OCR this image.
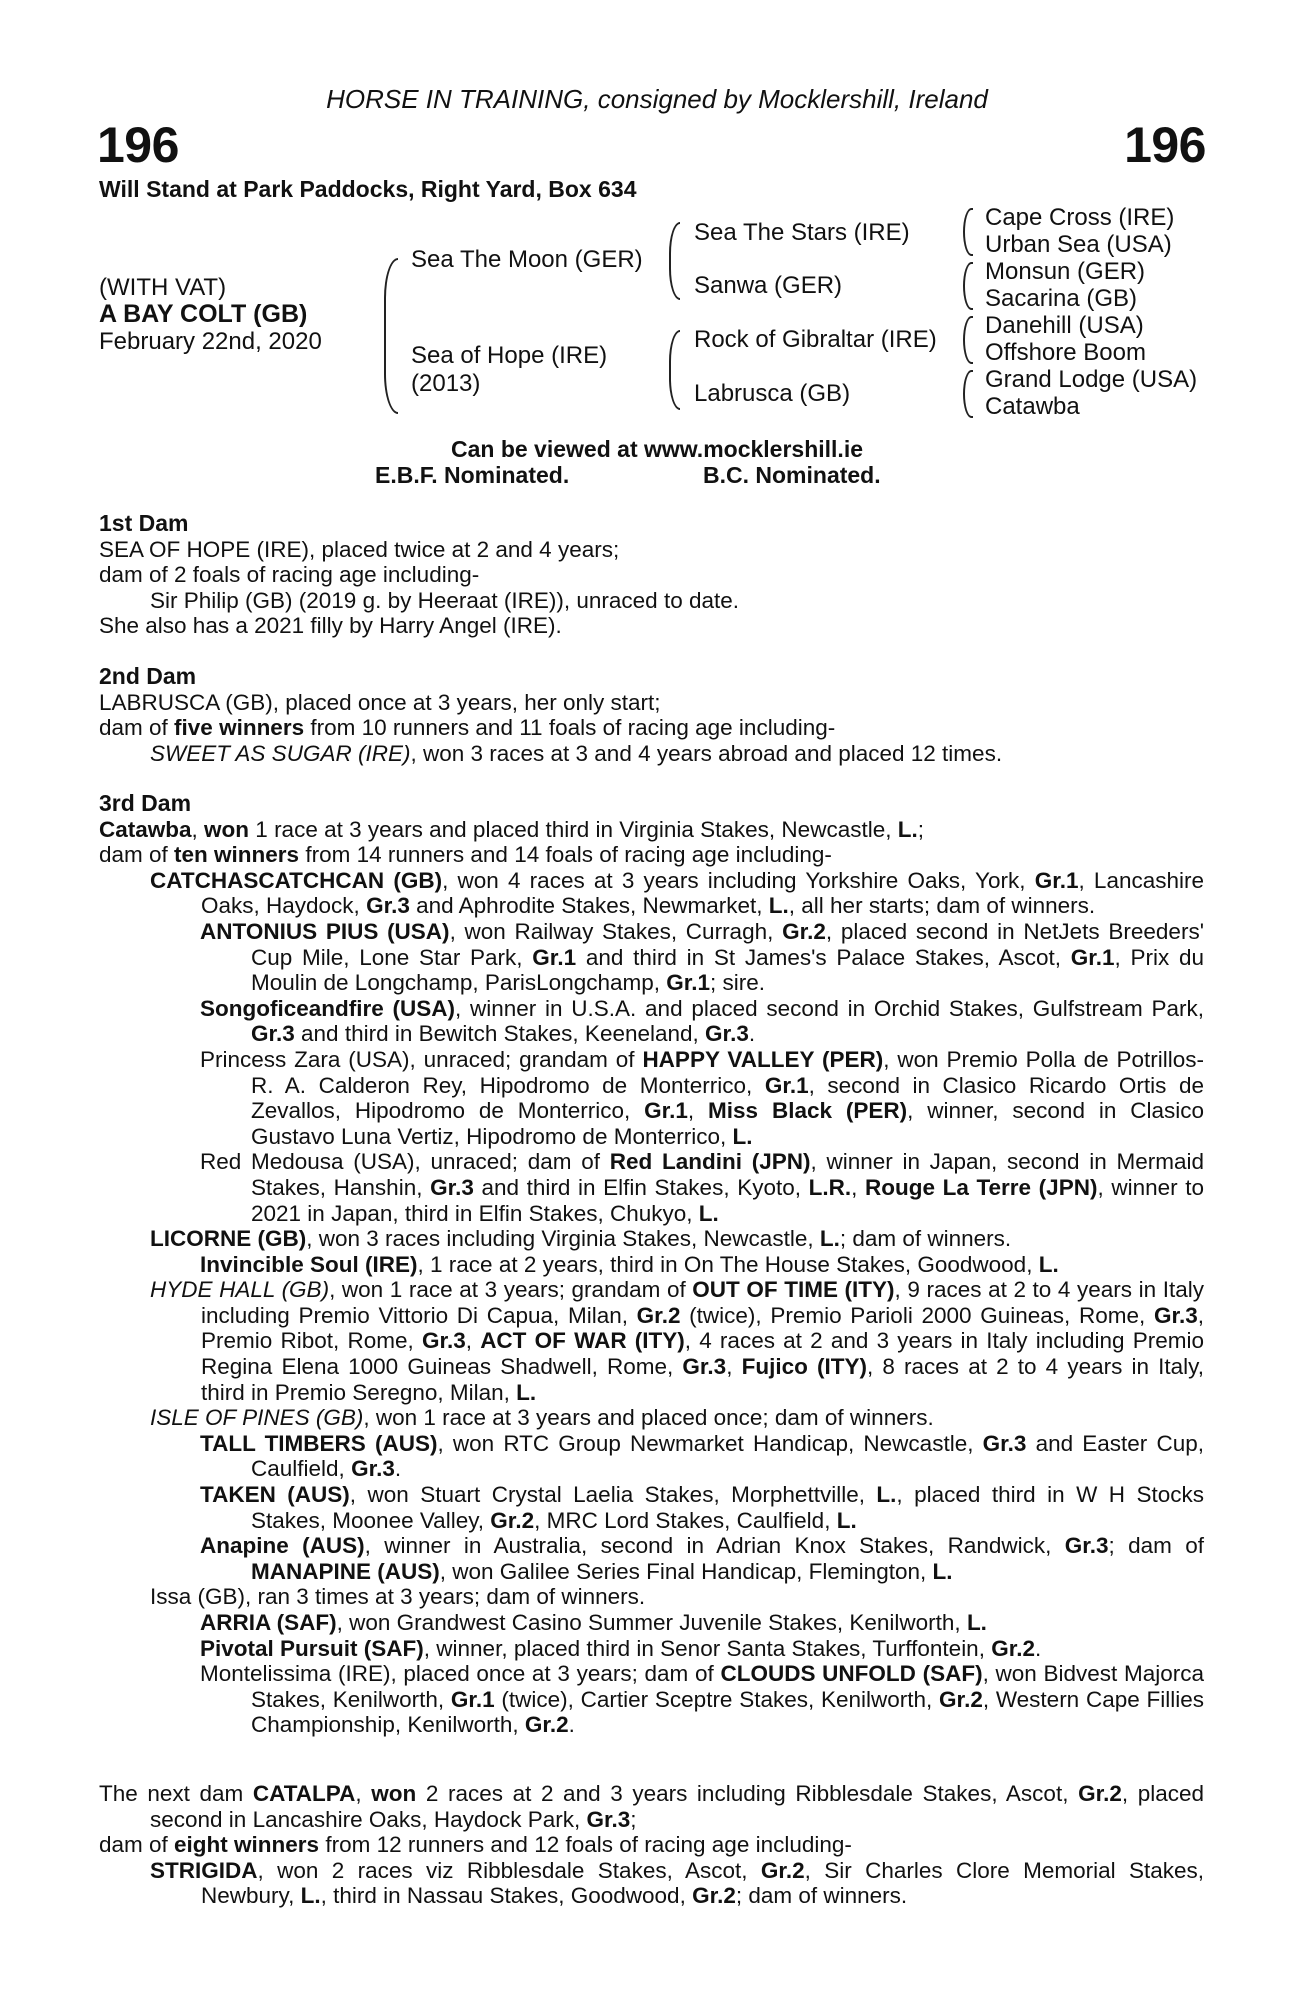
HORSE IN TRAINING, consigned by Mocklershill, Ireland
196	196
Will Stand at Park Paddocks, Right Yard, Box 634
(WITH VAT)
A BAY COLT (GB)
February 22nd, 2020
Sea The Moon (GER)
Sea of Hope (IRE)
(2013)
Sea The Stars (IRE)
Sanwa (GER)
Rock of Gibraltar (IRE)
Labrusca (GB)
Cape Cross (IRE)
Urban Sea (USA)
Monsun (GER)
Sacarina (GB)
Danehill (USA)
Offshore Boom
Grand Lodge (USA)
Catawba
Can be viewed at www.mocklershill.ie
E.B.F. Nominated.	B.C. Nominated.

1st Dam

SEA OF HOPE (IRE), placed twice at 2 and 4 years;

dam of 2 foals of racing age including-

Sir Philip (GB) (2019 g. by Heeraat (IRE)), unraced to date.

She also has a 2021 filly by Harry Angel (IRE).

2nd Dam

LABRUSCA (GB), placed once at 3 years, her only start;

dam of five winners from 10 runners and 11 foals of racing age including-

SWEET AS SUGAR (IRE), won 3 races at 3 and 4 years abroad and placed 12 times.

3rd Dam

Catawba, won 1 race at 3 years and placed third in Virginia Stakes, Newcastle, L.;

dam of ten winners from 14 runners and 14 foals of racing age including-

CATCHASCATCHCAN (GB), won 4 races at 3 years including Yorkshire Oaks, York, Gr.1, Lancashire Oaks, Haydock, Gr.3 and Aphrodite Stakes, Newmarket, L., all her starts; dam of winners.

ANTONIUS PIUS (USA), won Railway Stakes, Curragh, Gr.2, placed second in NetJets Breeders' Cup Mile, Lone Star Park, Gr.1 and third in St James's Palace Stakes, Ascot, Gr.1, Prix du Moulin de Longchamp, ParisLongchamp, Gr.1; sire.

Songoficeandfire (USA), winner in U.S.A. and placed second in Orchid Stakes, Gulfstream Park, Gr.3 and third in Bewitch Stakes, Keeneland, Gr.3.

Princess Zara (USA), unraced; grandam of HAPPY VALLEY (PER), won Premio Polla de Potrillos-R. A. Calderon Rey, Hipodromo de Monterrico, Gr.1, second in Clasico Ricardo Ortis de Zevallos, Hipodromo de Monterrico, Gr.1, Miss Black (PER), winner, second in Clasico Gustavo Luna Vertiz, Hipodromo de Monterrico, L.

Red Medousa (USA), unraced; dam of Red Landini (JPN), winner in Japan, second in Mermaid Stakes, Hanshin, Gr.3 and third in Elfin Stakes, Kyoto, L.R., Rouge La Terre (JPN), winner to 2021 in Japan, third in Elfin Stakes, Chukyo, L.

LICORNE (GB), won 3 races including Virginia Stakes, Newcastle, L.; dam of winners.

Invincible Soul (IRE), 1 race at 2 years, third in On The House Stakes, Goodwood, L.

HYDE HALL (GB), won 1 race at 3 years; grandam of OUT OF TIME (ITY), 9 races at 2 to 4 years in Italy including Premio Vittorio Di Capua, Milan, Gr.2 (twice), Premio Parioli 2000 Guineas, Rome, Gr.3, Premio Ribot, Rome, Gr.3, ACT OF WAR (ITY), 4 races at 2 and 3 years in Italy including Premio Regina Elena 1000 Guineas Shadwell, Rome, Gr.3, Fujico (ITY), 8 races at 2 to 4 years in Italy, third in Premio Seregno, Milan, L.

ISLE OF PINES (GB), won 1 race at 3 years and placed once; dam of winners.

TALL TIMBERS (AUS), won RTC Group Newmarket Handicap, Newcastle, Gr.3 and Easter Cup, Caulfield, Gr.3.

TAKEN (AUS), won Stuart Crystal Laelia Stakes, Morphettville, L., placed third in W H Stocks Stakes, Moonee Valley, Gr.2, MRC Lord Stakes, Caulfield, L.

Anapine (AUS), winner in Australia, second in Adrian Knox Stakes, Randwick, Gr.3; dam of MANAPINE (AUS), won Galilee Series Final Handicap, Flemington, L.

Issa (GB), ran 3 times at 3 years; dam of winners.

ARRIA (SAF), won Grandwest Casino Summer Juvenile Stakes, Kenilworth, L.

Pivotal Pursuit (SAF), winner, placed third in Senor Santa Stakes, Turffontein, Gr.2.

Montelissima (IRE), placed once at 3 years; dam of CLOUDS UNFOLD (SAF), won Bidvest Majorca Stakes, Kenilworth, Gr.1 (twice), Cartier Sceptre Stakes, Kenilworth, Gr.2, Western Cape Fillies Championship, Kenilworth, Gr.2.

The next dam CATALPA, won 2 races at 2 and 3 years including Ribblesdale Stakes, Ascot, Gr.2, placed second in Lancashire Oaks, Haydock Park, Gr.3;

dam of eight winners from 12 runners and 12 foals of racing age including-

STRIGIDA, won 2 races viz Ribblesdale Stakes, Ascot, Gr.2, Sir Charles Clore Memorial Stakes, Newbury, L., third in Nassau Stakes, Goodwood, Gr.2; dam of winners.
